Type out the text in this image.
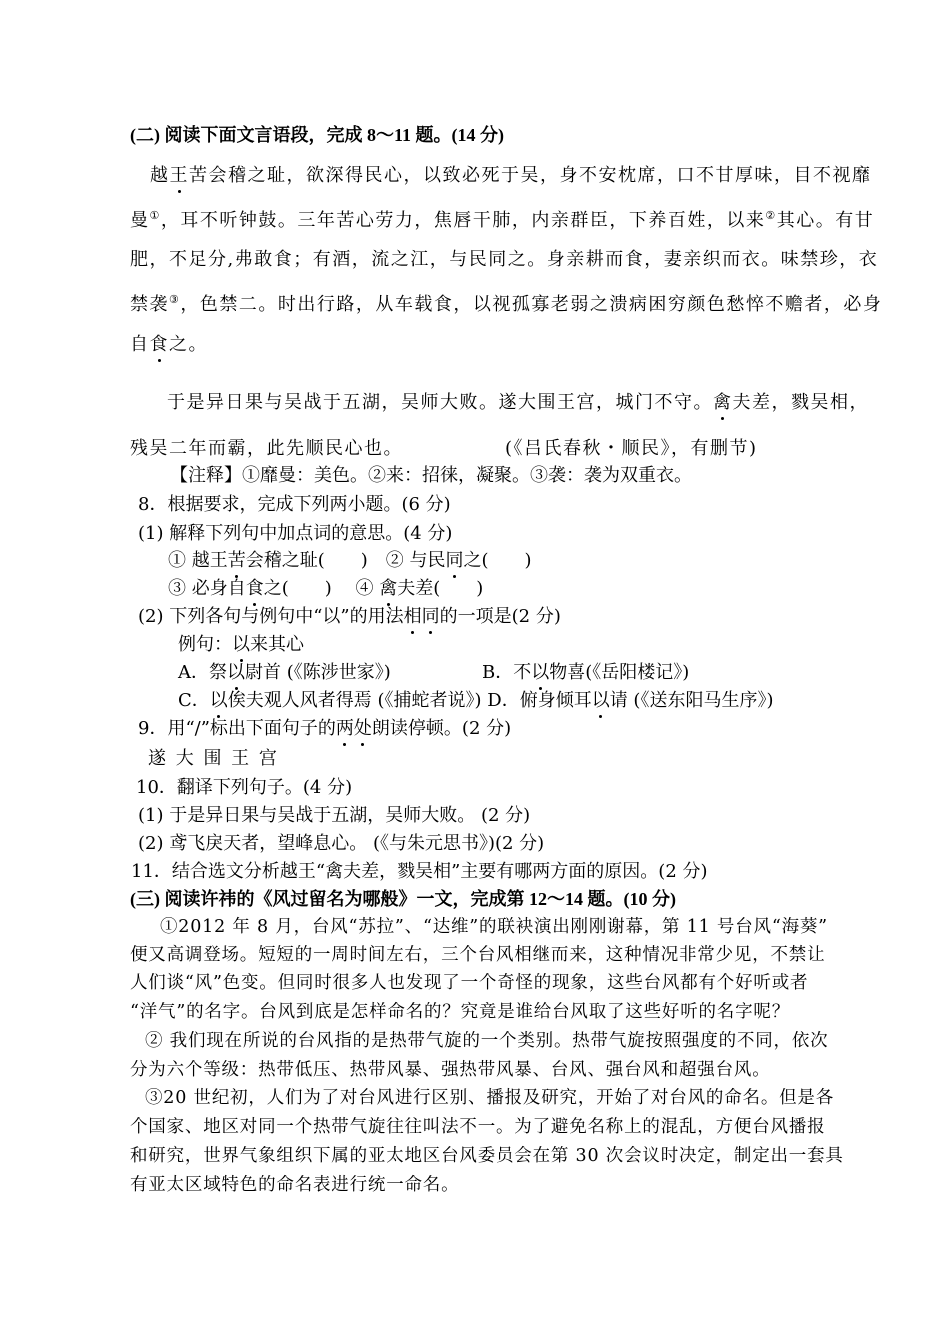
(二) 阅读下面文言语段，完成 8～11 题。(14 分)
越王苦会稽之耻，欲深得民心，以致必死于吴，身不安枕席，口不甘厚味，目不视靡
曼①，耳不听钟鼓。三年苦心劳力，焦唇干肺，内亲群臣，下养百姓，以来②其心。有甘
肥，不足分,弗敢食；有酒，流之江，与民同之。身亲耕而食，妻亲织而衣。味禁珍，衣
禁袭③，色禁二。时出行路，从车载食，以视孤寡老弱之溃病困穷颜色愁悴不赡者，必身
自食之。
于是异日果与吴战于五湖，吴师大败。遂大围王宫，城门不守。禽夫差，戮吴相，
残吴二年而霸，此先顺民心也。	(《吕氏春秋・顺民》，有删节)
【注释】①靡曼：美色。②来：招徕，凝聚。③袭：袭为双重衣。
8．根据要求，完成下列两小题。(6 分)
(1) 解释下列句中加点词的意思。(4 分)
① 越王苦会稽之耻(　　)　② 与民同之(　　)
③ 必身自食之(　　)　 ④ 禽夫差(　　)
(2) 下列各句与例句中“以”的用法相同的一项是(2 分)
例句：以来其心
A．祭以尉首 (《陈涉世家》)	B．不以物喜(《岳阳楼记》)
C．以俟夫观人风者得焉 (《捕蛇者说》) D．俯身倾耳以请 (《送东阳马生序》)
9．用“/”标出下面句子的两处朗读停顿。(2 分)
遂 大 围 王 宫
10．翻译下列句子。(4 分)
(1) 于是异日果与吴战于五湖，吴师大败。 (2 分)
(2) 鸢飞戾天者，望峰息心。 (《与朱元思书》)(2 分)
11．结合选文分析越王“禽夫差，戮吴相”主要有哪两方面的原因。(2 分)
(三) 阅读许祎的《风过留名为哪般》一文，完成第 12～14 题。(10 分)
①2012 年 8 月，台风“苏拉”、“达维”的联袂演出刚刚谢幕，第 11 号台风“海葵”
便又高调登场。短短的一周时间左右，三个台风相继而来，这种情况非常少见，不禁让
人们谈“风”色变。但同时很多人也发现了一个奇怪的现象，这些台风都有个好听或者
“洋气”的名字。台风到底是怎样命名的？究竟是谁给台风取了这些好听的名字呢？
② 我们现在所说的台风指的是热带气旋的一个类别。热带气旋按照强度的不同，依次
分为六个等级：热带低压、热带风暴、强热带风暴、台风、强台风和超强台风。
③20 世纪初，人们为了对台风进行区别、播报及研究，开始了对台风的命名。但是各
个国家、地区对同一个热带气旋往往叫法不一。为了避免名称上的混乱，方便台风播报
和研究，世界气象组织下属的亚太地区台风委员会在第 30 次会议时决定，制定出一套具
有亚太区域特色的命名表进行统一命名。
